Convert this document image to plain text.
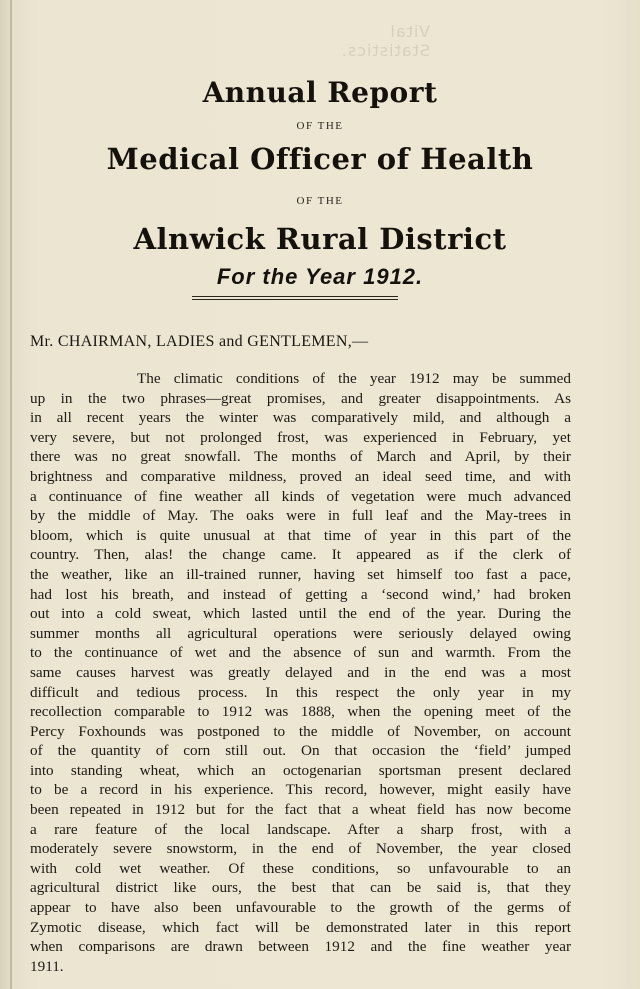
Vital Statistics.
Annual Report
OF THE
Medical Officer of Health
OF THE
Alnwick Rural District
For the Year 1912.
Mr. CHAIRMAN, LADIES and GENTLEMEN,—
The climatic conditions of the year 1912 may be summed
up in the two phrases—great promises, and greater disappointments. As
in all recent years the winter was comparatively mild, and although a
very severe, but not prolonged frost, was experienced in February, yet
there was no great snowfall. The months of March and April, by their
brightness and comparative mildness, proved an ideal seed time, and with
a continuance of fine weather all kinds of vegetation were much advanced
by the middle of May. The oaks were in full leaf and the May-trees in
bloom, which is quite unusual at that time of year in this part of the
country. Then, alas! the change came. It appeared as if the clerk of
the weather, like an ill-trained runner, having set himself too fast a pace,
had lost his breath, and instead of getting a ‘second wind,’ had broken
out into a cold sweat, which lasted until the end of the year. During the
summer months all agricultural operations were seriously delayed owing
to the continuance of wet and the absence of sun and warmth. From the
same causes harvest was greatly delayed and in the end was a most
difficult and tedious process. In this respect the only year in my
recollection comparable to 1912 was 1888, when the opening meet of the
Percy Foxhounds was postponed to the middle of November, on account
of the quantity of corn still out. On that occasion the ‘field’ jumped
into standing wheat, which an octogenarian sportsman present declared
to be a record in his experience. This record, however, might easily have
been repeated in 1912 but for the fact that a wheat field has now become
a rare feature of the local landscape. After a sharp frost, with a
moderately severe snowstorm, in the end of November, the year closed
with cold wet weather. Of these conditions, so unfavourable to an
agricultural district like ours, the best that can be said is, that they
appear to have also been unfavourable to the growth of the germs of
Zymotic disease, which fact will be demonstrated later in this report
when comparisons are drawn between 1912 and the fine weather year
1911.
